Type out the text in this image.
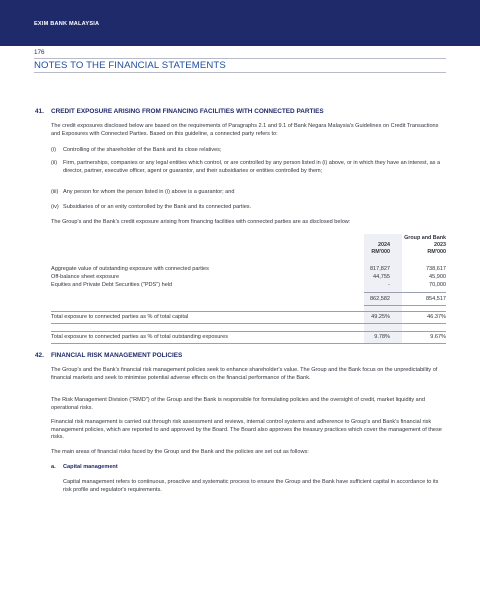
EXIM BANK MALAYSIA
176
NOTES TO THE FINANCIAL STATEMENTS
41. CREDIT EXPOSURE ARISING FROM FINANCING FACILITIES WITH CONNECTED PARTIES
The credit exposures disclosed below are based on the requirements of Paragraphs 2.1 and 9.1 of Bank Negara Malaysia's Guidelines on Credit Transactions and Exposures with Connected Parties. Based on this guideline, a connected party refers to:
(i) Controlling of the shareholder of the Bank and its close relatives;
(ii) Firm, partnerships, companies or any legal entities which control, or are controlled by any person listed in (i) above, or in which they have an interest, as a director, partner, executive officer, agent or guarantor, and their subsidiaries or entities controlled by them;
(iii) Any person for whom the person listed in (i) above is a guarantor; and
(iv) Subsidiaries of or an enity contorolled by the Bank and its connected parties.
The Group's and the Bank's credit exposure arising from financing facilities with connected parties are as disclosed below:
Group and Bank
2024	2023
RM'000	RM'000
Aggregate value of outstanding exposure with connected parties	817,827	738,617
Off-balance sheet exposure	44,755	45,900
Equities and Private Debt Securities ("PDS") held	-	70,000
862,582	854,517
Total exposure to connected parties as % of total capital	49.25%	46.37%
Total exposure to connected parties as % of total outstanding exposures	9.78%	9.67%
42. FINANCIAL RISK MANAGEMENT POLICIES
The Group's and the Bank's financial risk management policies seek to enhance shareholder's value. The Group and the Bank focus on the unpredictability of financial markets and seek to minimise potential adverse effects on the financial performance of the Bank.
The Risk Management Division ("RMD") of the Group and the Bank is responsible for formulating policies and the oversight of credit, market liquidity and operational risks.
Financial risk management is carried out through risk assessment and reviews, internal control systems and adherence to Group's and Bank's financial risk management policies, which are reported to and approved by the Board. The Board also approves the treasury practices which cover the management of these risks.
The main areas of financial risks faced by the Group and the Bank and the policies are set out as follows:
a. Capital management
Capital management refers to continuous, proactive and systematic process to ensure the Group and the Bank have sufficient capital in accordance to its risk profile and regulator's requirements.
